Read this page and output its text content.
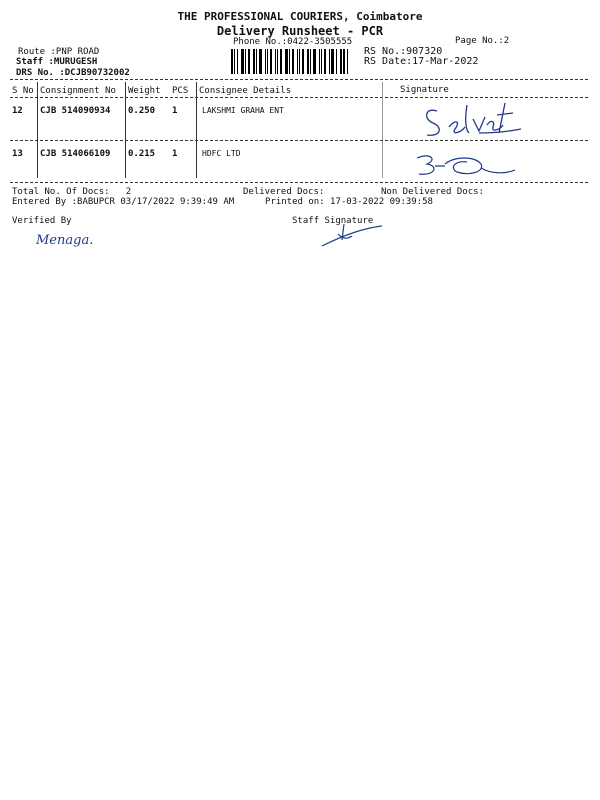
THE PROFESSIONAL COURIERS, Coimbatore
Delivery Runsheet - PCR
Phone No.:0422-3505555	Page No.:2
Route :PNP ROAD
Staff :MURUGESH
DRS No. :DCJB90732002
RS No.:907320
RS Date:17-Mar-2022
S No Consignment No Weight PCS Consignee Details	Signature
12 CJB 514090934 0.250 1	LAKSHMI GRAHA ENT
13 CJB 514066109 0.215 1	HDFC LTD
Total No. Of Docs:   2	Delivered Docs:	Non Delivered Docs:
Entered By :BABUPCR 03/17/2022 9:39:49 AM	Printed on: 17-03-2022 09:39:58
Verified By
Menaga.
Staff Signature
